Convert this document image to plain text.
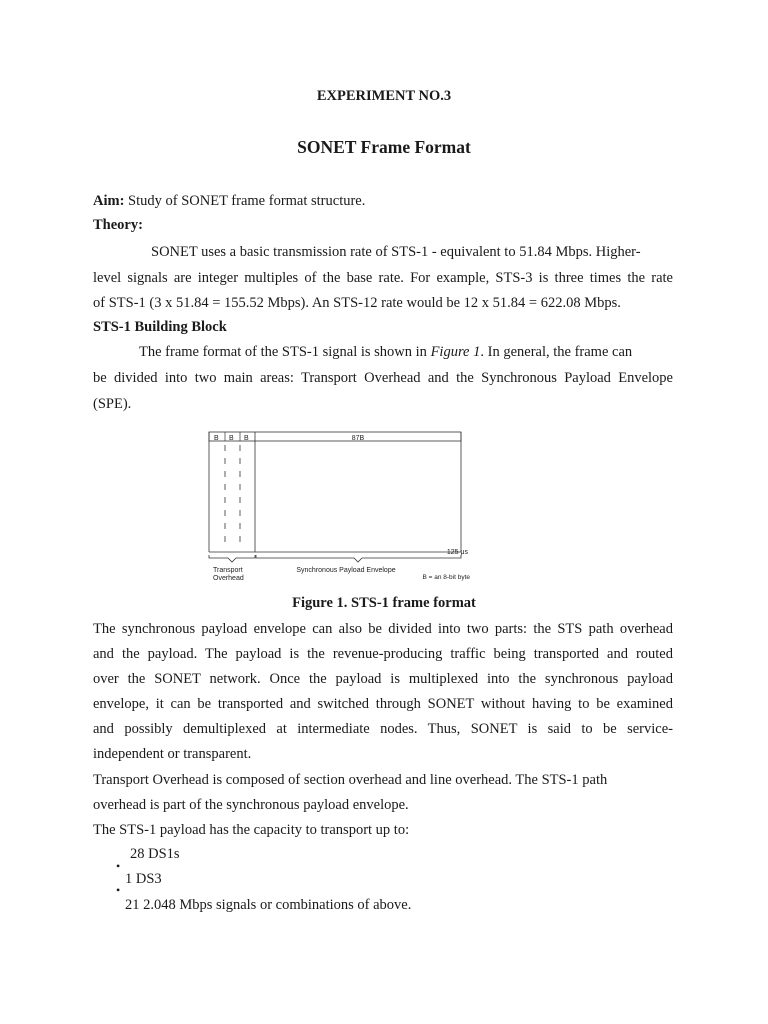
EXPERIMENT NO.3
SONET Frame Format
Aim: Study of SONET frame format structure.
Theory:
SONET uses a basic transmission rate of STS-1 - equivalent to 51.84 Mbps. Higher-
level signals are integer multiples of the base rate. For example, STS-3 is three times the rate
of STS-1 (3 x 51.84 = 155.52 Mbps). An STS-12 rate would be 12 x 51.84 = 622.08 Mbps.
STS-1 Building Block
The frame format of the STS-1 signal is shown in Figure 1. In general, the frame can
be divided into two main areas: Transport Overhead and the Synchronous Payload Envelope
(SPE).
B B B	87B
125 μs
Transport
Overhead
Synchronous Payload Envelope
B = an 8-bit byte
Figure 1. STS-1 frame format
The synchronous payload envelope can also be divided into two parts: the STS path overhead
and the payload. The payload is the revenue-producing traffic being transported and routed
over the SONET network. Once the payload is multiplexed into the synchronous payload
envelope, it can be transported and switched through SONET without having to be examined
and possibly demultiplexed at intermediate nodes. Thus, SONET is said to be service-
independent or transparent.
Transport Overhead is composed of section overhead and line overhead. The STS-1 path
overhead is part of the synchronous payload envelope.
The STS-1 payload has the capacity to transport up to:
28 DS1s
•
1 DS3
•
21 2.048 Mbps signals or combinations of above.
